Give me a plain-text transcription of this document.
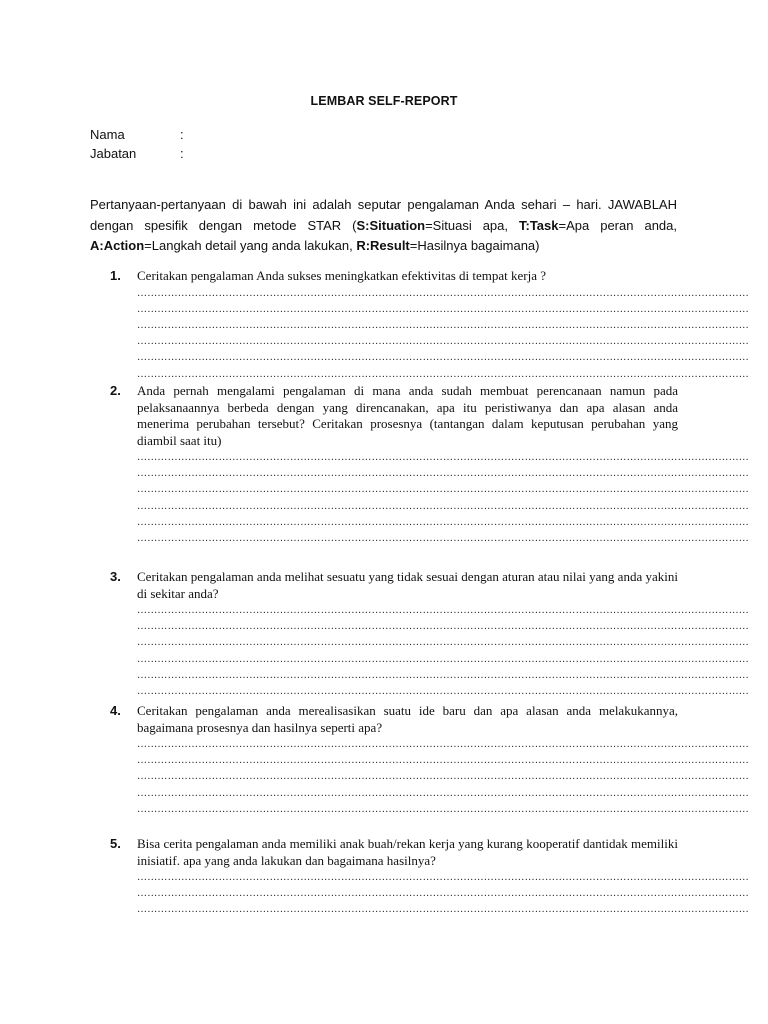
LEMBAR SELF-REPORT
Nama	:
Jabatan	:
Pertanyaan-pertanyaan di bawah ini adalah seputar pengalaman Anda sehari – hari. JAWABLAH dengan spesifik dengan metode STAR (S:Situation=Situasi apa, T:Task=Apa peran anda, A:Action=Langkah detail yang anda lakukan, R:Result=Hasilnya bagaimana)
1. Ceritakan pengalaman Anda sukses meningkatkan efektivitas di tempat kerja ?
………………………………………………………………………………………………………………………………………………………………
………………………………………………………………………………………………………………………………………………………………
………………………………………………………………………………………………………………………………………………………………
………………………………………………………………………………………………………………………………………………………………
………………………………………………………………………………………………………………………………………………………………
………………………………………………………………………………………………………………………………………………………………
2. Anda pernah mengalami pengalaman di mana anda sudah membuat perencanaan namun pada pelaksanaannya berbeda dengan yang direncanakan, apa itu peristiwanya dan apa alasan anda menerima perubahan tersebut? Ceritakan prosesnya (tantangan dalam keputusan perubahan yang diambil saat itu)
………………………………………………………………………………………………………………………………………………………………
………………………………………………………………………………………………………………………………………………………………
………………………………………………………………………………………………………………………………………………………………
………………………………………………………………………………………………………………………………………………………………
………………………………………………………………………………………………………………………………………………………………
………………………………………………………………………………………………………………………………………………………………
3. Ceritakan pengalaman anda melihat sesuatu yang tidak sesuai dengan aturan atau nilai yang anda yakini di sekitar anda?
………………………………………………………………………………………………………………………………………………………………
………………………………………………………………………………………………………………………………………………………………
………………………………………………………………………………………………………………………………………………………………
………………………………………………………………………………………………………………………………………………………………
………………………………………………………………………………………………………………………………………………………………
………………………………………………………………………………………………………………………………………………………………
4. Ceritakan pengalaman anda merealisasikan suatu ide baru dan apa alasan anda melakukannya, bagaimana prosesnya dan hasilnya seperti apa?
………………………………………………………………………………………………………………………………………………………………
………………………………………………………………………………………………………………………………………………………………
………………………………………………………………………………………………………………………………………………………………
………………………………………………………………………………………………………………………………………………………………
………………………………………………………………………………………………………………………………………………………………
5. Bisa cerita pengalaman anda memiliki anak buah/rekan kerja yang kurang kooperatif dantidak memiliki inisiatif. apa yang anda lakukan dan bagaimana hasilnya?
………………………………………………………………………………………………………………………………………………………………
………………………………………………………………………………………………………………………………………………………………
………………………………………………………………………………………………………………………………………………………………
